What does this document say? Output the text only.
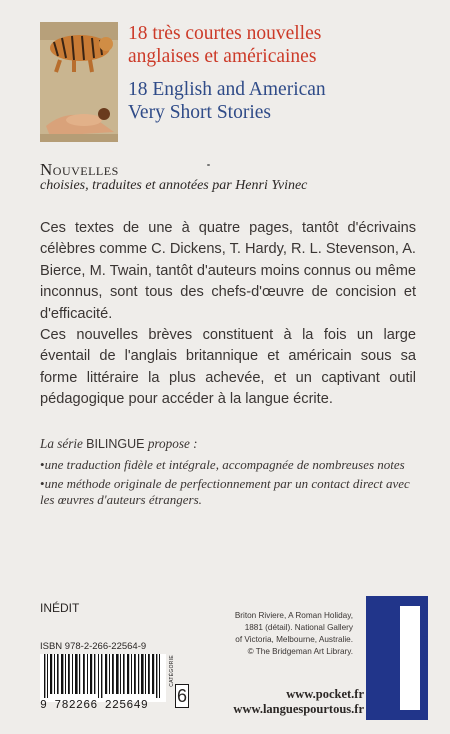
18 très courtes nouvelles
anglaises et américaines
18 English and American
Very Short Stories
Nouvelles
choisies, traduites et annotées par Henri Yvinec

Ces textes de une à quatre pages, tantôt d'écrivains célèbres comme C. Dickens, T. Hardy, R. L. Stevenson, A. Bierce, M. Twain, tantôt d'auteurs moins connus ou même inconnus, sont tous des chefs-d'œuvre de concision et d'efficacité.

Ces nouvelles brèves constituent à la fois un large éventail de l'anglais britannique et américain sous sa forme littéraire la plus achevée, et un captivant outil pédagogique pour accéder à la langue écrite.

La série BILINGUE propose :
•une traduction fidèle et intégrale, accompagnée de nombreuses notes
•une méthode originale de perfectionnement par un contact direct avec les œuvres d'auteurs étrangers.
INÉDIT
ISBN 978-2-266-22564-9
9 782266 225649
CATÉGORIE
6
Briton Riviere, A Roman Holiday,
1881 (détail). National Gallery
of Victoria, Melbourne, Australie.
© The Bridgeman Art Library.
www.pocket.fr
www.languespourtous.fr
LANGUES
OUR TOUS
